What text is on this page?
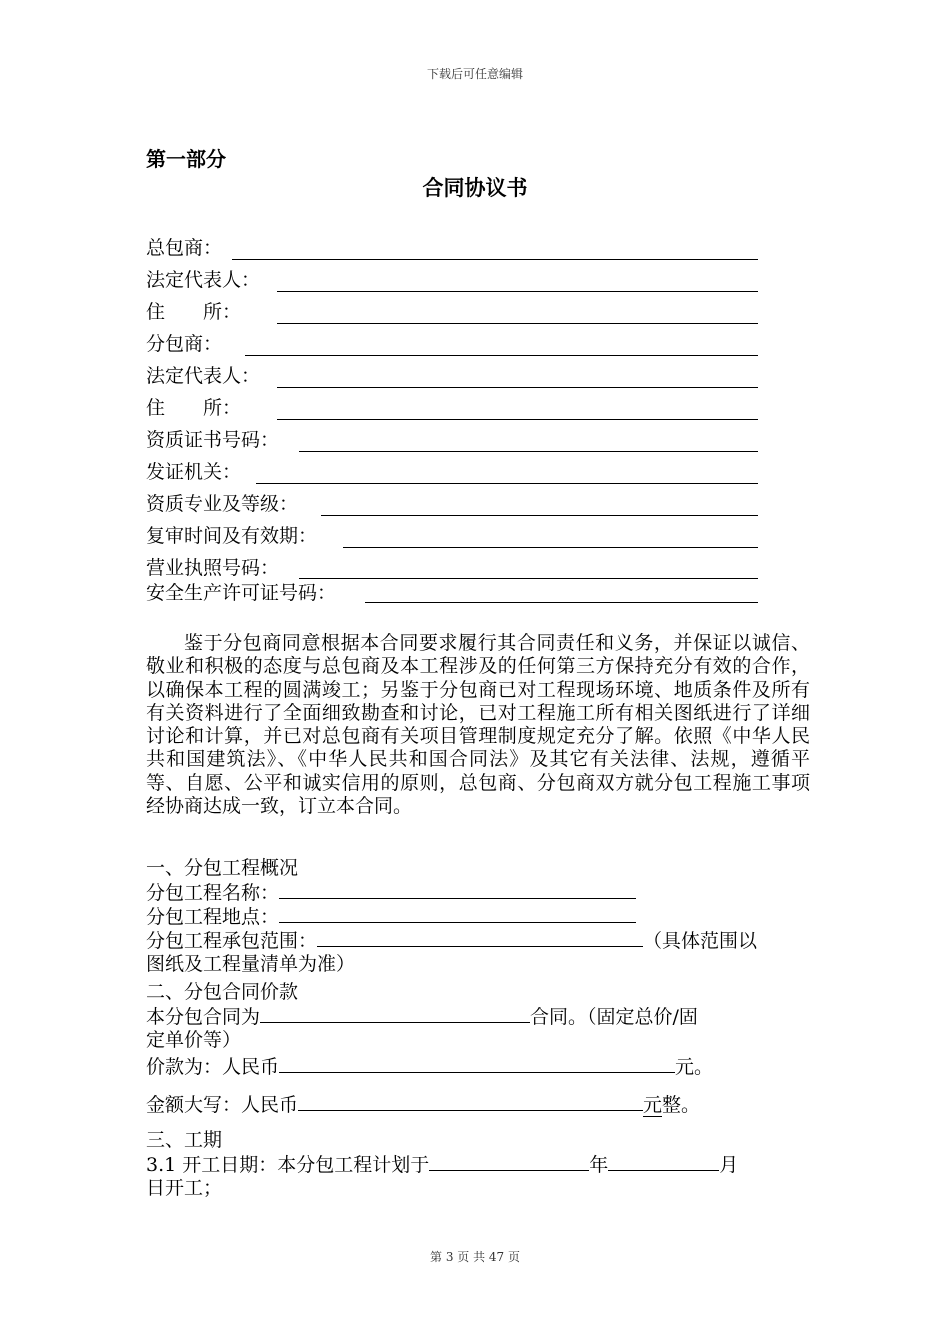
下载后可任意编辑
第一部分
合同协议书
总包商：
法定代表人：
住　　所：
分包商：
法定代表人：
住　　所：
资质证书号码：
发证机关：
资质专业及等级：
复审时间及有效期：
营业执照号码：
安全生产许可证号码：

鉴于分包商同意根据本合同要求履行其合同责任和义务，并保证以诚信、敬业和积极的态度与总包商及本工程涉及的任何第三方保持充分有效的合作，以确保本工程的圆满竣工；另鉴于分包商已对工程现场环境、地质条件及所有有关资料进行了全面细致勘查和讨论，已对工程施工所有相关图纸进行了详细讨论和计算，并已对总包商有关项目管理制度规定充分了解。依照《中华人民共和国建筑法》、《中华人民共和国合同法》及其它有关法律、法规，遵循平等、自愿、公平和诚实信用的原则，总包商、分包商双方就分包工程施工事项经协商达成一致，订立本合同。

一、分包工程概况
分包工程名称：
分包工程地点：
分包工程承包范围：	（具体范围以
图纸及工程量清单为准）
二、分包合同价款
本分包合同为	合同。（固定总价/固
定单价等）
价款为：人民币	元。
金额大写：人民币	元整。
三、工期
3.1 开工日期：本分包工程计划于	年	月
日开工；
第 3 页 共 47 页
